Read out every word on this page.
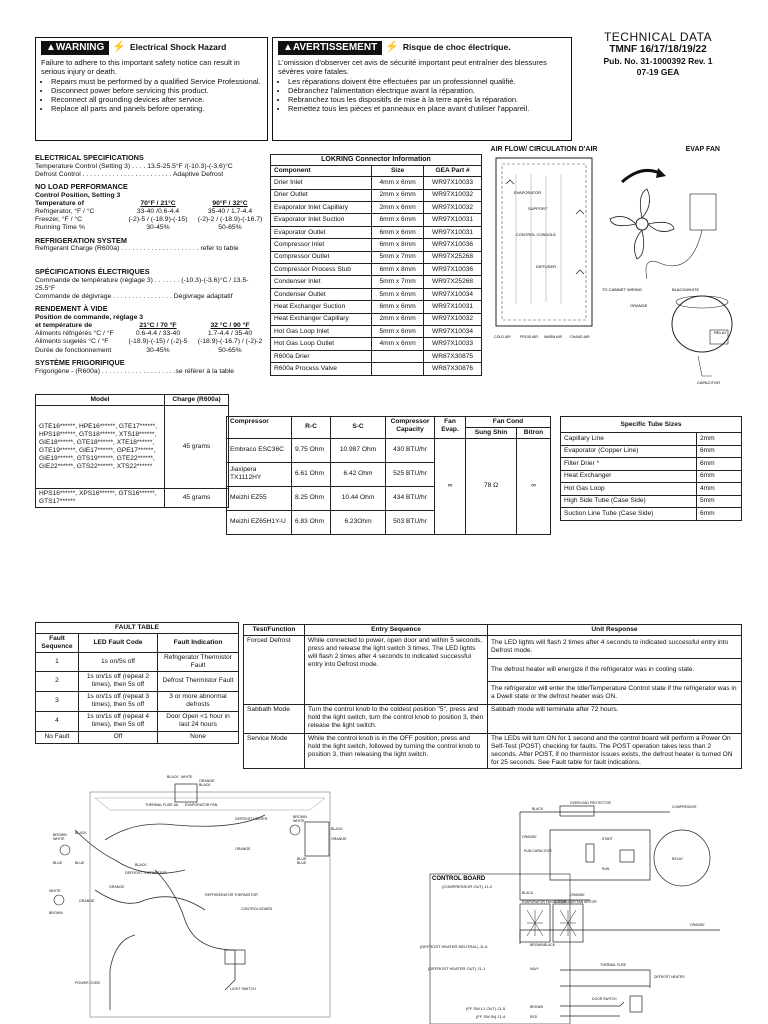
▲WARNING ⚡ Electrical Shock Hazard

Failure to adhere to this important safety notice can result in serious injury or death.

• Repairs must be performed by a qualified Service Professional.
• Disconnect power before servicing this product.
• Reconnect all grounding devices after service.
• Replace all parts and panels before operating.
▲AVERTISSEMENT ⚡ Risque de choc électrique.

L'omission d'observer cet avis de sécurité important peut entraîner des blessures sévères voire fatales.

• Les réparations doivent être effectuées par un professionnel qualifié.
• Débranchez l'alimentation électrique avant la réparation.
• Rebranchez tous les dispositifs de mise à la terre après la réparation.
• Remettez tous les pièces et panneaux en place avant d'utiliser l'appareil.
TECHNICAL DATA
TMNF 16/17/18/19/22
Pub. No. 31-1000392 Rev. 1
07-19 GEA
ELECTRICAL SPECIFICATIONS

Temperature Control (Setting 3) . . . . 13.5-25.5°F /(-10.3)-(-3.6)°C

Defrost Control . . . . . . . . . . . . . . . . . . . . . . . . Adaptive Defrost

NO LOAD PERFORMANCE

Control Position, Setting 3

Temperature of	70°F / 21°C	90°F / 32°C
Refrigerator, °F / °C	33-40 /0.6-4.4	35-40 / 1.7-4.4
Freezer, °F / °C	(-2)-5 / (-18.9)-(-15)	(-2)-2 / (-18.9)-(-16.7)
Running Time %	30-45%	50-65%
REFRIGERATION SYSTEM

Refrigerant Charge (R600a) . . . . . . . . . . . . . . . . . . . . . refer to table

SPÉCIFICATIONS ÉLECTRIQUES

Commande de température (réglage 3) . . . . . . . (-10.3)-(-3.6)°C / 13.5-25.5°F

Commande de dégivrage . . . . . . . . . . . . . . . . Dégivrage adaptatif

RENDEMENT À VIDE

Position de commande, réglage 3

et température de	21°C / 70 °F	32 °C / 90 °F
Aliments réfrigérés °C / °F	0.6-4.4 / 33-40	1.7-4.4 / 35-40
Aliments sugelés °C / °F	(-18.9)-(-15) / (-2)-5	(-18.9)-(-16.7) / (-2)-2
Durée de fonctionnement	30-45%	50-65%
SYSTÈME FRIGORIFIQUE

Frigorigène - (R600a) . . . . . . . . . . . . . . . . . . . .se référer à la table

Model	Charge (R600a)
GTE16******, HPE16******, GTE17******, HPS18******, GTS18******, XTS18******, GIE18******, GTE18******, XTE18******, GTE19******, GIE17******, GPE17******, GIE19******, GTS19******, GTE22******, GIE22******, GTS22******, XTS22******	45 grams
HPS16******, XPS16******, GTS16******, GTS17******	45 grams
LOKRING Connector Information		
Component	Size	GEA Part #
Drier Inlet	4mm x 6mm	WR97X10033
Drier Outlet	2mm x 6mm	WR97X10032
Evaporator Inlet Capillary	2mm x 6mm	WR97X10032
Evaporator Inlet Suction	6mm x 6mm	WR97X10031
Evaporator Outlet	6mm x 6mm	WR97X10031
Compressor Inlet	6mm x 8mm	WR97X10036
Compressor Outlet	5mm x 7mm	WR97X25268
Compressor Process Stub	6mm x 8mm	WR97X10036
Condenser Inlet	5mm x 7mm	WR97X25268
Condenser Outlet	5mm x 6mm	WR97X10034
Heat Exchanger Suction	6mm x 6mm	WR97X10031
Heat Exchanger Capillary	2mm x 6mm	WR97X10032
Hot Gas Loop Inlet	5mm x 6mm	WR97X10034
Hot Gas Loop Outlet	4mm x 6mm	WR97X10033
R600a Drier		WR87X30875
R600a Process Valve		WR87X30876
AIR FLOW/ CIRCULATION D'AIR
EVAPORATOR
SUPPORT
CONTROL CONSOLE
DIFFUSER
COLD AIR	FROID AIR WARM AIR CHAUD AIR
EVAP FAN
TO CABINET WIRING	BLACK/WHITE
ORANGE
RELAY
CAPACITOR
Compressor	R-C	S-C	Compressor Capacity	Fan Evap.	Fan Cond	
					Sung Shin	Bitron
Embraco ESC36C	9.75 Ohm	10.987 Ohm	430 BTU/hr	∞	78 Ω	∞
Jiaxipera TX1112HY	6.61 Ohm	6.42 Ohm	525 BTU/hr			
Meizhi EZ55	8.25 Ohm	10.44 Ohm	434 BTU/hr			
Meizhi EZ65H1Y-U	6.83 Ohm	6.23Ohm	503 BTU/hr			
Specific Tube Sizes	
Capillary Line	2mm
Evaporator (Copper Line)	6mm
Filter Drier *	6mm
Heat Exchanger	6mm
Hot Gas Loop	4mm
High Side Tube (Case Side)	5mm
Suction Line Tube (Case Side)	6mm
FAULT TABLE		
Fault Sequence	LED Fault Code	Fault Indication
1	1s on/5s off	Refrigerator Thermistor Fault
2	1s on/1s off (repeat 2 times), then 5s off	Defrost Thermistor Fault
3	1s on/1s off (repeat 3 times), then 5s off	3 or more abnormal defrosts
4	1s on/1s off (repeat 4 times), then 5s off	Door Open <1 hour in last 24 hours
No Fault	Off	None
Test/Function	Entry Sequence	Unit Response
Forced Defrost	While connected to power, open door and within 5 seconds, press and release the light switch 3 times. The LED lights will flash 2 times after 4 seconds to indicated successful entry into Defrost mode.	The LED lights will flash 2 times after 4 seconds to indicated successful entry into Defrost mode.
		The defrost heater will energize if the refrigerator was in cooling state.
		The refrigerator will enter the Idle/Temperature Control state if the refrigerator was in a Dwell state or the defrost heater was ON.
Sabbath Mode	Turn the control knob to the coldest position "5", press and hold the light switch, turn the control knob to position 3, then release the light switch.	Sabbath mode will terminate after 72 hours.
Service Mode	While the control knob is in the OFF position, press and hold the light switch, followed by turning the control knob to position 3, then releasing the light switch.	The LEDs will turn ON for 1 second and the control board will perform a Power On Self-Test (POST) checking for faults. The POST operation takes less than 2 seconds. After POST, if no thermistor issues exists, the defrost heater is turned ON for 25 seconds. See Fault table for fault indications.
BLACK WHITE
ORANGE
BLACK
THERMAL FUSE 5A EVAPORATOR FAN
DEFROST HEATER
ORANGE
BROWN
WHITE
BLACK
BLUE	BLUE
ORANGE
BLACK
WHITE
BROWN
ORANGE
DEFROST THERMISTOR
REFRIGERATOR THERMISTOR
CONTROL BOARD
LIGHT SWITCH
POWER CORD
BROWN
WHITE
ORANGE
BLACK
BLUE
BLUE
CONTROL BOARD
(COMPRESSOR OUT) J1-2
(DEFROST HEATER NEUTRAL) J1-6
(DEFROST HEATER OUT) J1-1
(FF SW L1 OUT) J1-5
(FF SW IN) J1-4
OVERLOAD PROTECTOR
COMPRESSOR
BLACK
ORANGE
RUN CAPACITOR
START
RUN
RELAY
ORANGE
EVAPORATOR FAN MOTOR
CONDENSER FAN MOTOR
BLACK
ORANGE
BROWN/BLACK
THERMAL FUSE
DEFROST HEATER
NAVY
DOOR SWITCH
BROWN
RED
